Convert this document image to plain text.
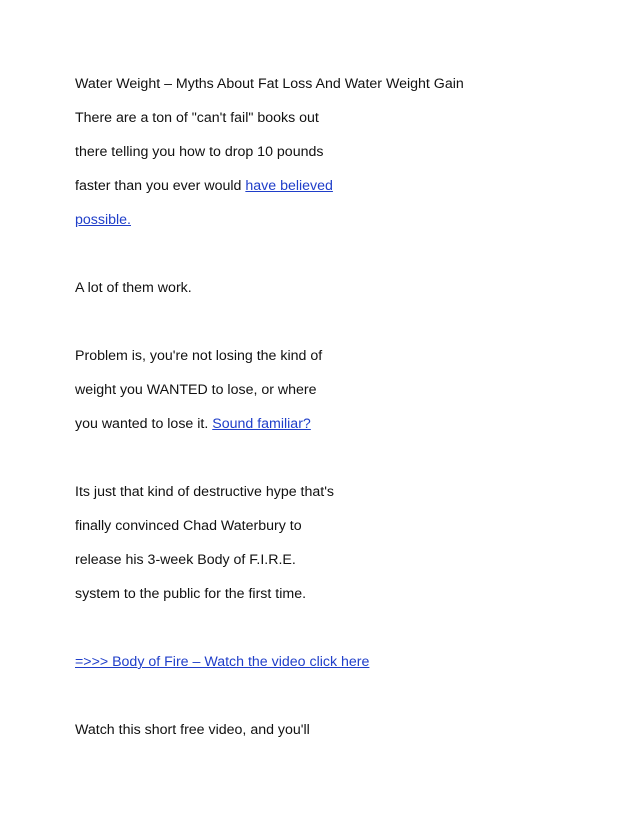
Water Weight – Myths About Fat Loss And Water Weight Gain
There are a ton of "can't fail" books out
there telling you how to drop 10 pounds
faster than you ever would have believed
possible.
A lot of them work.
Problem is, you're not losing the kind of
weight you WANTED to lose, or where
you wanted to lose it. Sound familiar?
Its just that kind of destructive hype that's
finally convinced Chad Waterbury to
release his 3-week Body of F.I.R.E.
system to the public for the first time.
=>>> Body of Fire – Watch the video click here
Watch this short free video, and you'll
